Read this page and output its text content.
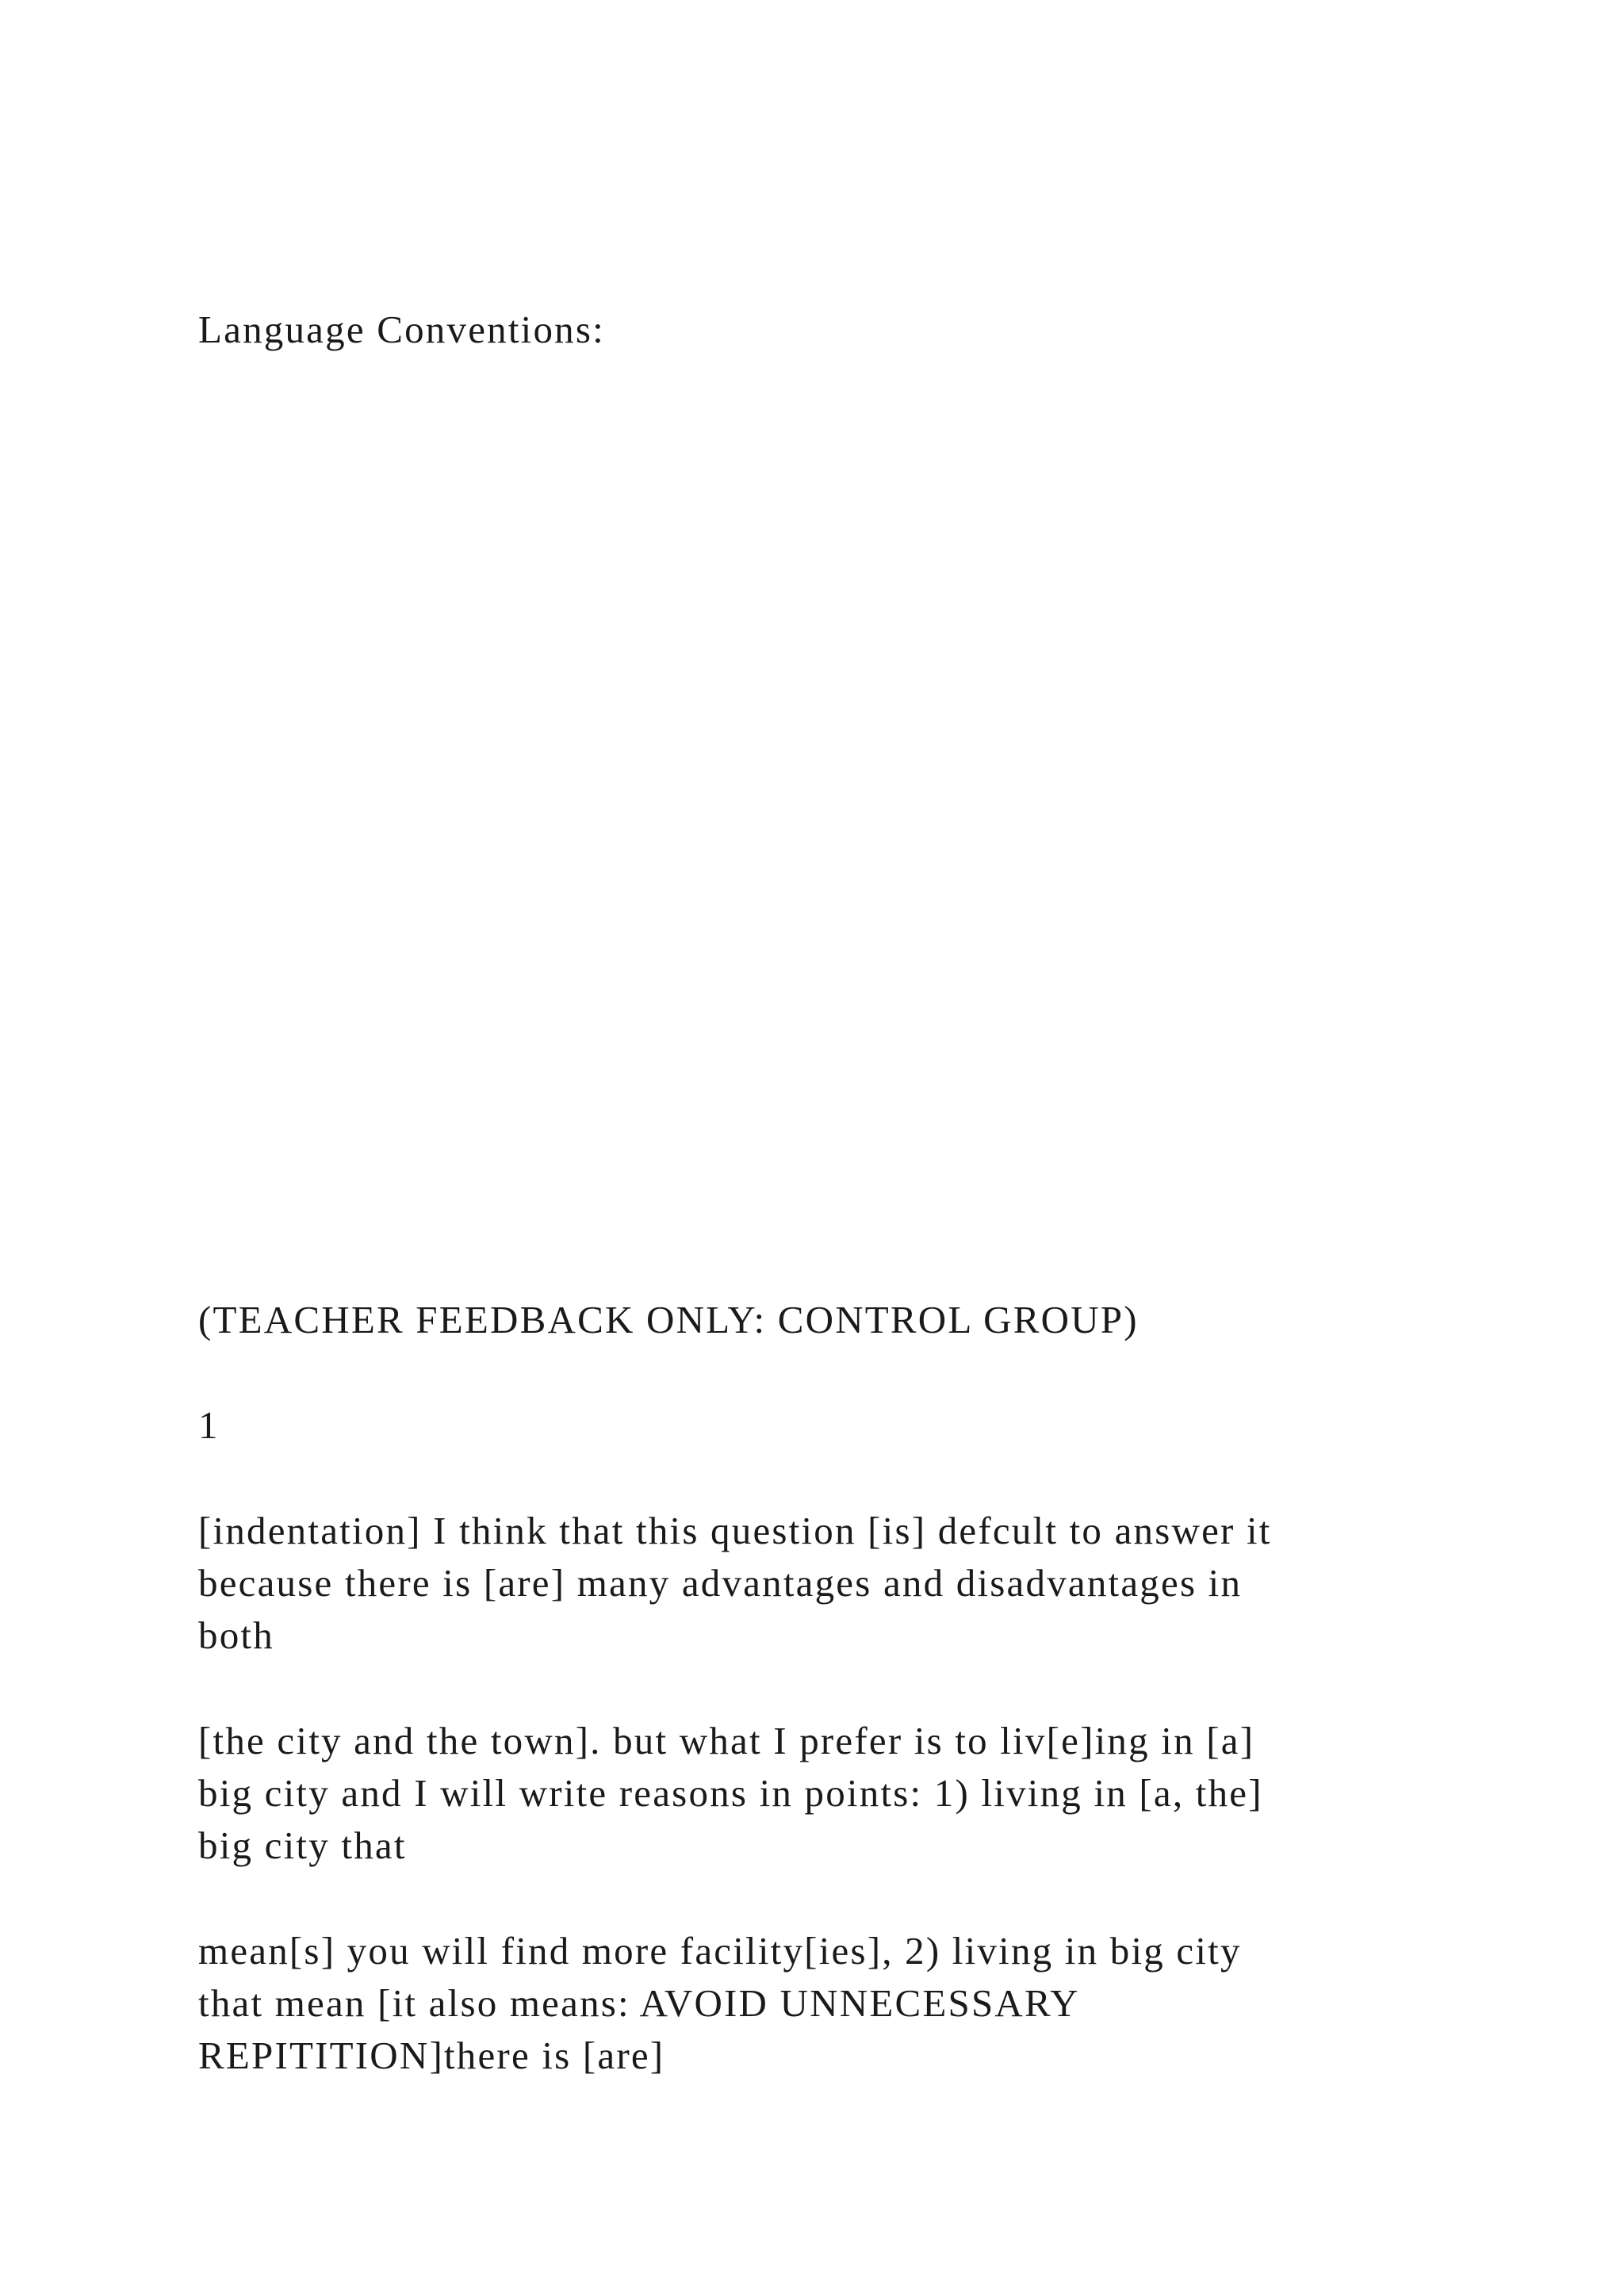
Language Conventions:
(TEACHER FEEDBACK ONLY: CONTROL GROUP)
1
[indentation] I think that this question [is] defcult to answer it
because there is [are] many advantages and disadvantages in
both
[the city and the town]. but what I prefer is to liv[e]ing in [a]
big city and I will write reasons in points: 1) living in [a, the]
big city that
mean[s] you will find more facility[ies], 2) living in big city
that mean [it also means: AVOID UNNECESSARY
REPITITION]there is [are]
